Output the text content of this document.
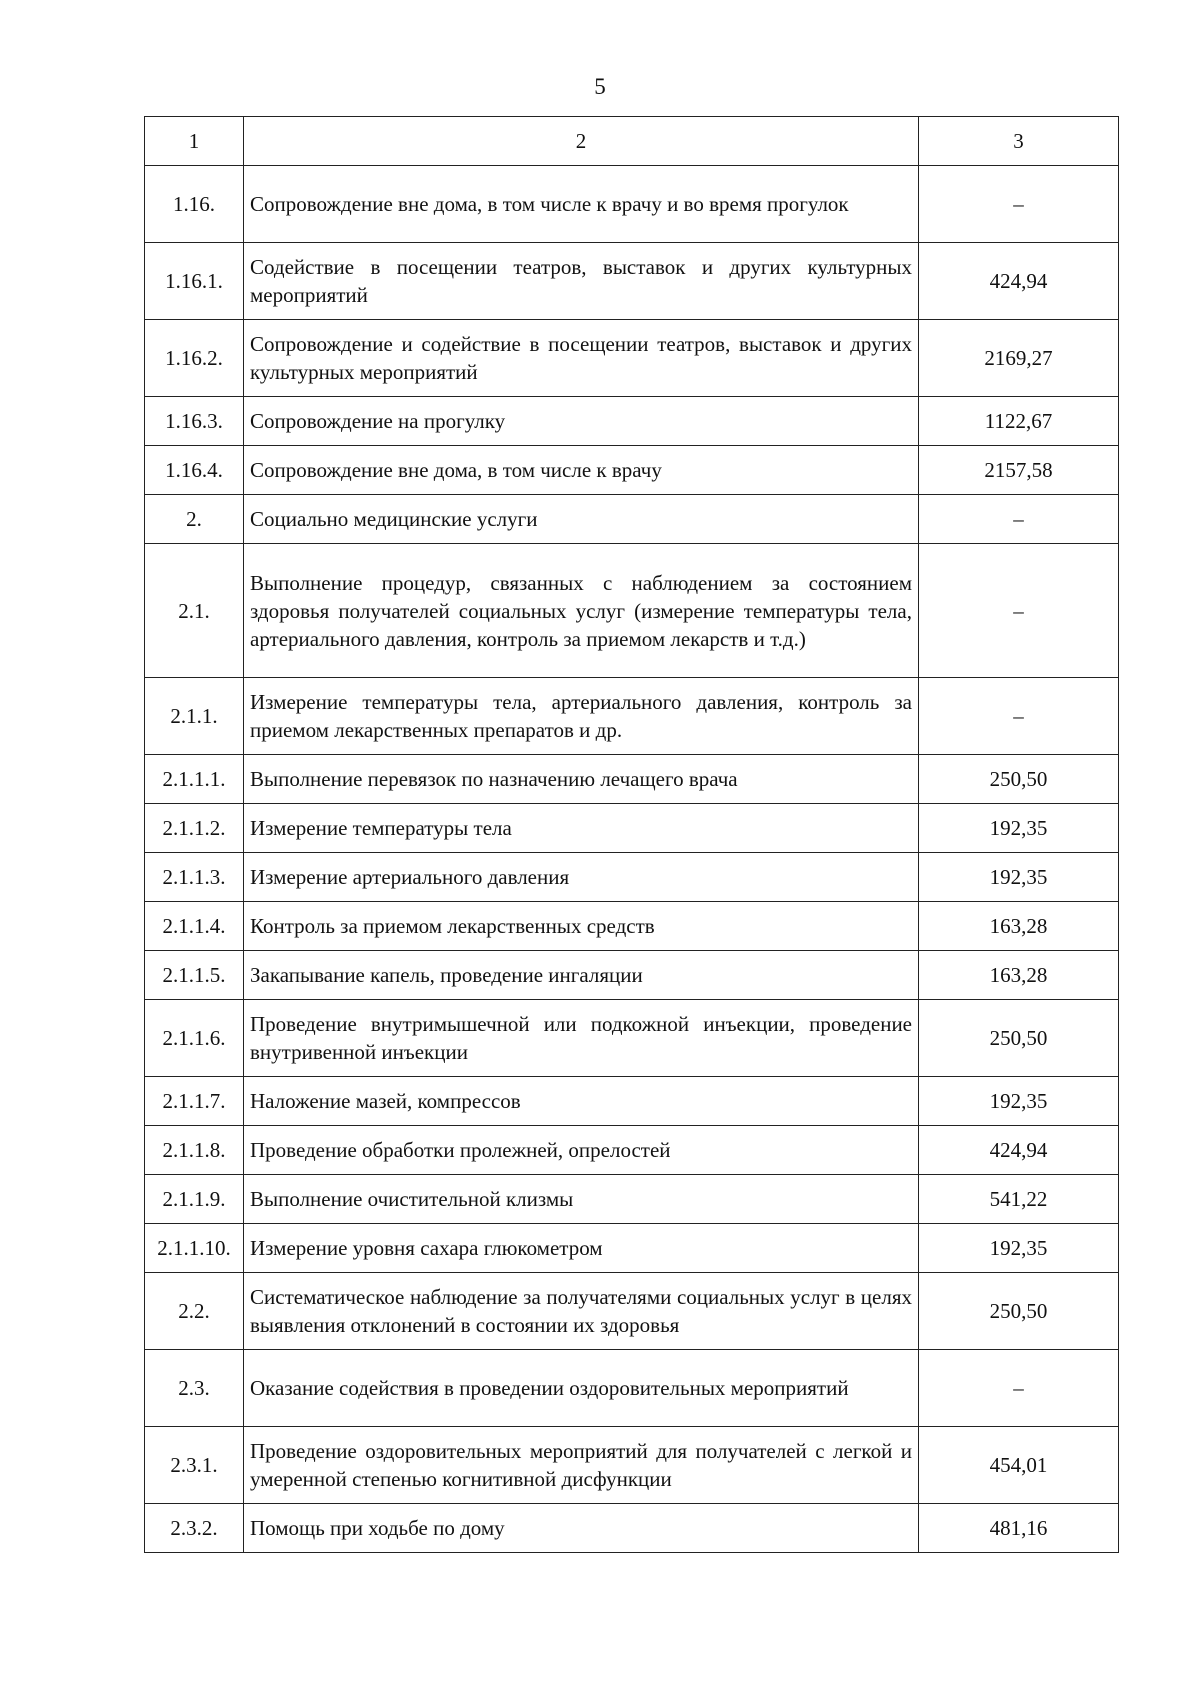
5
1	2	3
1.16.	Сопровождение вне дома, в том числе к врачу и во время прогулок	–
1.16.1.	Содействие в посещении театров, выставок и других культурных мероприятий	424,94
1.16.2.	Сопровождение и содействие в посещении театров, выставок и других культурных мероприятий	2169,27
1.16.3.	Сопровождение на прогулку	1122,67
1.16.4.	Сопровождение вне дома, в том числе к врачу	2157,58
2.	Социально медицинские услуги	–
2.1.	Выполнение процедур, связанных с наблюдением за состоянием здоровья получателей социальных услуг (измерение температуры тела, артериального давления, контроль за приемом лекарств и т.д.)	–
2.1.1.	Измерение температуры тела, артериального давления, контроль за приемом лекарственных препаратов и др.	–
2.1.1.1.	Выполнение перевязок по назначению лечащего врача	250,50
2.1.1.2.	Измерение температуры тела	192,35
2.1.1.3.	Измерение артериального давления	192,35
2.1.1.4.	Контроль за приемом лекарственных средств	163,28
2.1.1.5.	Закапывание капель, проведение ингаляции	163,28
2.1.1.6.	Проведение внутримышечной или подкожной инъекции, проведение внутривенной инъекции	250,50
2.1.1.7.	Наложение мазей, компрессов	192,35
2.1.1.8.	Проведение обработки пролежней, опрелостей	424,94
2.1.1.9.	Выполнение очистительной клизмы	541,22
2.1.1.10.	Измерение уровня сахара глюкометром	192,35
2.2.	Систематическое наблюдение за получателями социальных услуг в целях выявления отклонений в состоянии их здоровья	250,50
2.3.	Оказание содействия в проведении оздоровительных мероприятий	–
2.3.1.	Проведение оздоровительных мероприятий для получателей с легкой и умеренной степенью когнитивной дисфункции	454,01
2.3.2.	Помощь при ходьбе по дому	481,16
